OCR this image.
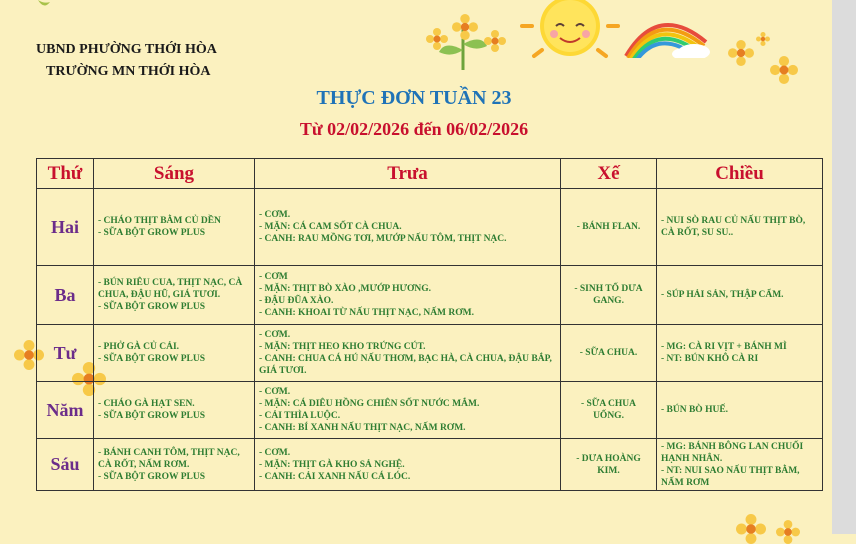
UBND PHƯỜNG THỚI HÒA
TRƯỜNG MN THỚI HÒA
THỰC ĐƠN TUẦN 23
Từ 02/02/2026 đến 06/02/2026
Thứ	Sáng	Trưa	Xế	Chiều
Hai	- CHÁO THỊT BẰM CỦ DỀN
- SỮA BỘT GROW PLUS	- CƠM.
- MẶN: CÁ CAM SỐT CÀ CHUA.
- CANH: RAU MỒNG TƠI, MƯỚP NẤU TÔM, THỊT NẠC.	- BÁNH FLAN.	- NUI SÒ RAU CỦ NẤU THỊT BÒ, CÀ RỐT, SU SU..
Ba	- BÚN RIÊU CUA, THỊT NẠC, CÀ CHUA, ĐẬU HŨ, GIÁ TƯƠI.
- SỮA BỘT GROW PLUS	- CƠM
- MẶN: THỊT BÒ XÀO ,MƯỚP HƯƠNG.
- ĐẬU ĐŨA XÀO.
- CANH: KHOAI TỪ NẤU THỊT NẠC, NẤM RƠM.	- SINH TỐ DƯA GANG.	- SÚP HẢI SẢN, THẬP CẨM.
Tư	- PHỞ GÀ CỦ CẢI.
- SỮA BỘT GROW PLUS	- CƠM.
- MẶN: THỊT HEO KHO TRỨNG CÚT.
- CANH: CHUA CÁ HÚ NẤU THƠM, BẠC HÀ, CÀ CHUA, ĐẬU BẮP, GIÁ TƯƠI.	- SỮA CHUA.	- MG: CÀ RI VỊT + BÁNH MÌ
- NT: BÚN KHÔ CÀ RI
Năm	- CHÁO GÀ HẠT SEN.
- SỮA BỘT GROW PLUS	- CƠM.
- MẶN: CÁ DIÊU HỒNG CHIÊN SỐT NƯỚC MẮM.
- CẢI THÌA LUỘC.
- CANH: BÍ XANH NẤU THỊT NẠC, NẤM RƠM.	- SỮA CHUA UỐNG.	- BÚN BÒ HUẾ.
Sáu	- BÁNH CANH TÔM, THỊT NẠC, CÀ RỐT, NẤM RƠM.
- SỮA BỘT GROW PLUS	- CƠM.
- MẶN: THỊT GÀ KHO SẢ NGHỆ.
- CANH: CẢI XANH NẤU CÁ LÓC.	- DƯA HOÀNG KIM.	- MG: BÁNH BÔNG LAN CHUỐI HẠNH NHÂN.
- NT: NUI SAO NẤU THỊT BẰM, NẤM RƠM
